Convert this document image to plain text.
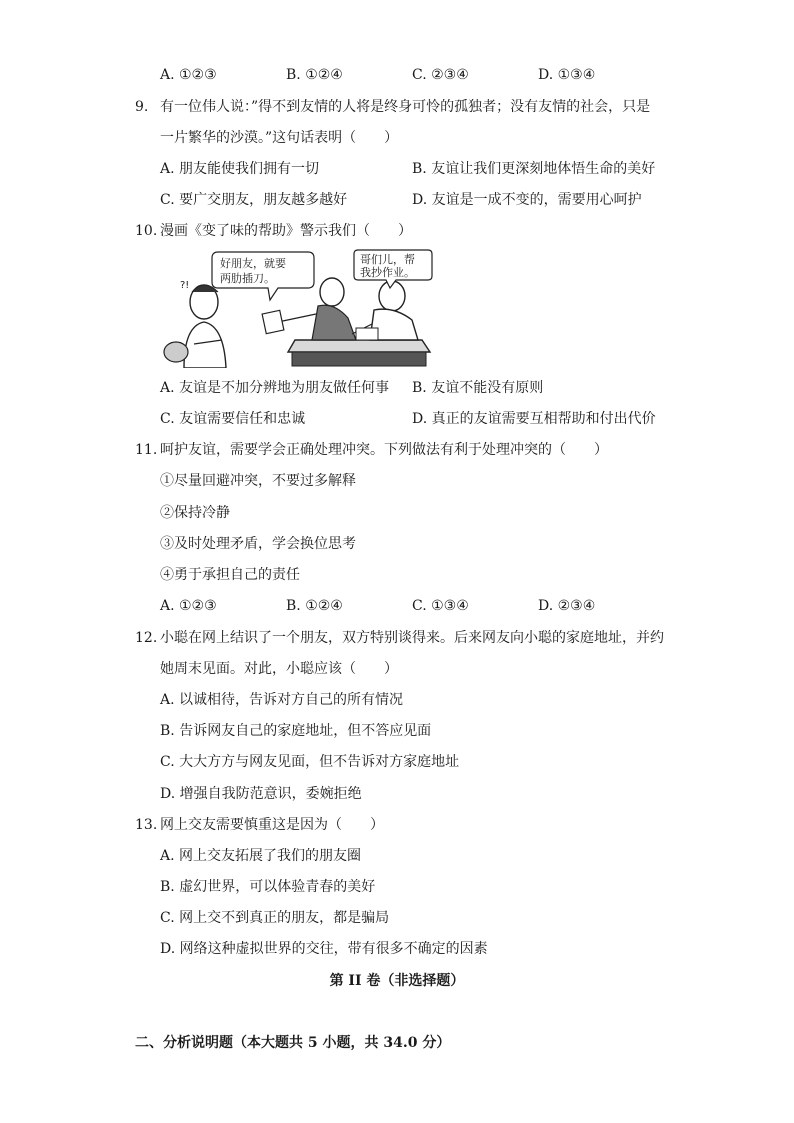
A. ①②③	B. ①②④	C. ②③④	D. ①③④
9. 有一位伟人说：”得不到友情的人将是终身可怜的孤独者；没有友情的社会，只是
一片繁华的沙漠。”这句话表明（　　）
A. 朋友能使我们拥有一切	B. 友谊让我们更深刻地体悟生命的美好
C. 要广交朋友，朋友越多越好	D. 友谊是一成不变的，需要用心呵护
10. 漫画《变了味的帮助》警示我们（　　）
?!
好朋友，就要
两肋插刀。
哥们儿，帮
我抄作业。
A. 友谊是不加分辨地为朋友做任何事 B. 友谊不能没有原则
C. 友谊需要信任和忠诚	D. 真正的友谊需要互相帮助和付出代价
11. 呵护友谊，需要学会正确处理冲突。下列做法有利于处理冲突的（　　）
①尽量回避冲突，不要过多解释
②保持冷静
③及时处理矛盾，学会换位思考
④勇于承担自己的责任
A. ①②③	B. ①②④	C. ①③④	D. ②③④
12. 小聪在网上结识了一个朋友，双方特别谈得来。后来网友向小聪的家庭地址，并约
她周末见面。对此，小聪应该（　　）
A. 以诚相待，告诉对方自己的所有情况
B. 告诉网友自己的家庭地址，但不答应见面
C. 大大方方与网友见面，但不告诉对方家庭地址
D. 增强自我防范意识，委婉拒绝
13. 网上交友需要慎重这是因为（　　）
A. 网上交友拓展了我们的朋友圈
B. 虚幻世界，可以体验青春的美好
C. 网上交不到真正的朋友，都是骗局
D. 网络这种虚拟世界的交往，带有很多不确定的因素
第 II 卷（非选择题）
二、分析说明题（本大题共 5 小题，共 34.0 分）
